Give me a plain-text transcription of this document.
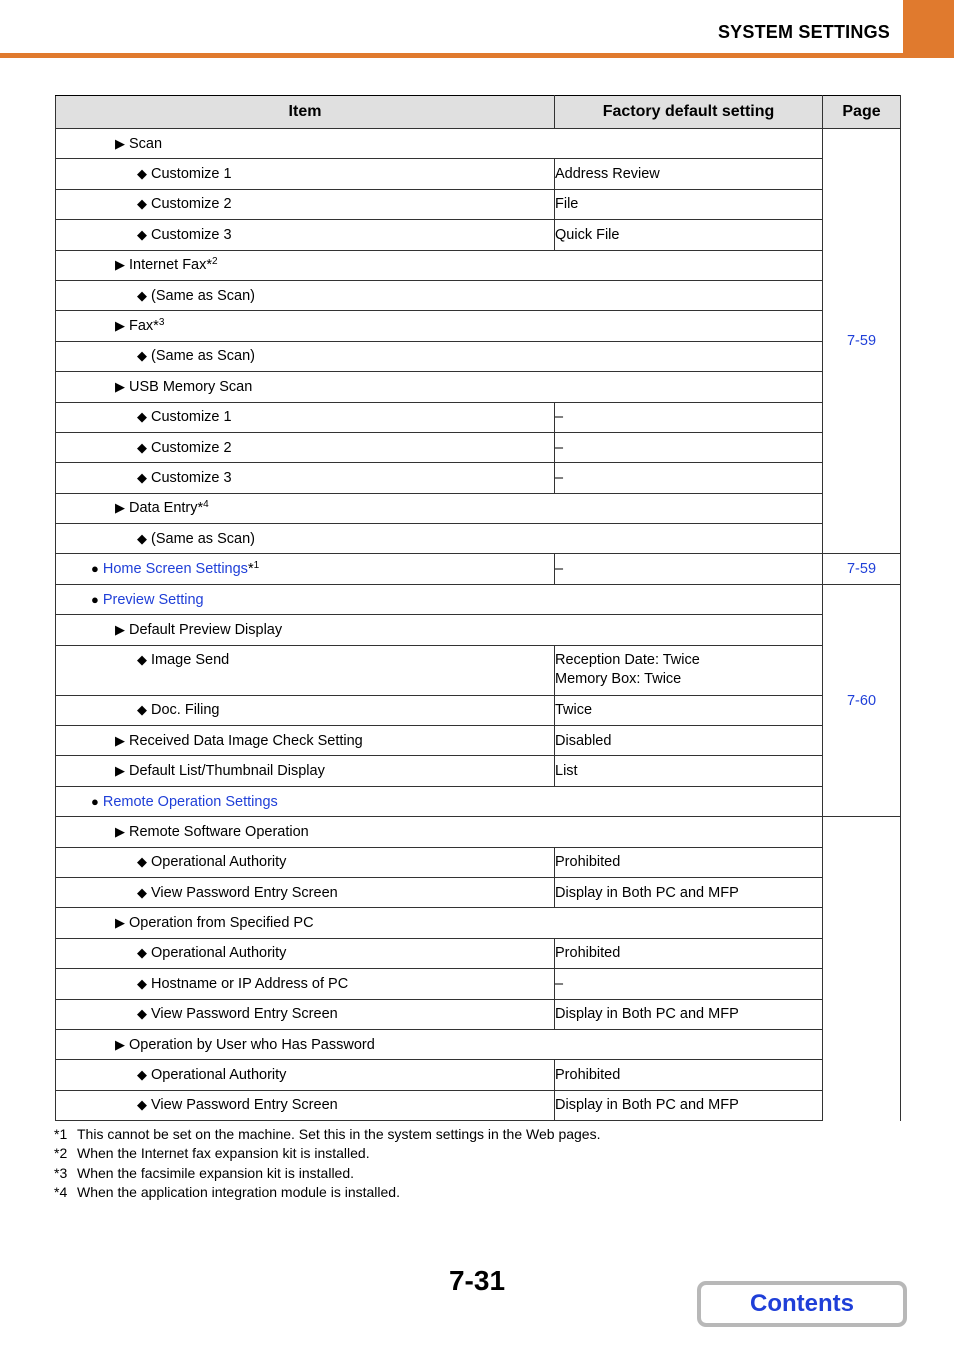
SYSTEM SETTINGS
Item	Factory default setting	Page	
▶ Scan		7-59	
◆ Customize 1	Address Review		
◆ Customize 2	File		
◆ Customize 3	Quick File		
▶ Internet Fax*$^2$
◆ (Same as Scan)			
▶ Fax*$^3$
◆ (Same as Scan)			
▶ USB Memory Scan			
◆ Customize 1	–		
◆ Customize 2	–		
◆ Customize 3	–		
▶ Data Entry*$^4$
◆ (Same as Scan)			
● Home Screen Settings*$^1$	–	7-59	
● Preview Setting		7-60	
▶ Default Preview Display			
◆ Image Send	Reception Date: Twice
Memory Box: Twice		

◆ Doc. Filing	Twice		
▶ Received Data Image Check Setting	Disabled		
▶ Default List/Thumbnail Display	List		
● Remote Operation Settings	
▶ Remote Software Operation			
◆ Operational Authority	Prohibited		
◆ View Password Entry Screen	Display in Both PC and MFP		
▶ Operation from Specified PC			
◆ Operational Authority	Prohibited		
◆ Hostname or IP Address of PC	–		
◆ View Password Entry Screen	Display in Both PC and MFP		
▶ Operation by User who Has Password			
◆ Operational Authority	Prohibited		
◆ View Password Entry Screen	Display in Both PC and MFP		
*1 This cannot be set on the machine. Set this in the system settings in the Web pages.
*2 When the Internet fax expansion kit is installed.
*3 When the facsimile expansion kit is installed.
*4 When the application integration module is installed.
7-31
Contents
